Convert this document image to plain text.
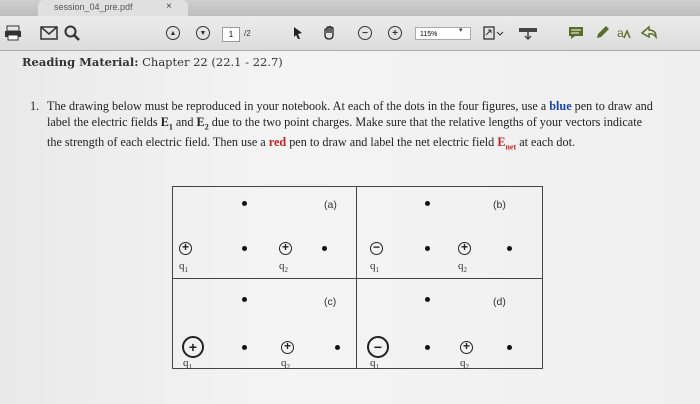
session_04_pre.pdf	×
▲	▼	1	/2	−	+	115%
▾	a
Reading Material: Chapter 22 (22.1 - 22.7)
1. The drawing below must be reproduced in your notebook. At each of the dots in the four figures, use a blue pen to draw and label the electric fields $E_1$ and $E_2$ due to the two point charges. Make sure that the relative lengths of your vectors indicate the strength of each electric field. Then use a red pen to draw and label the net electric field $E_{net}$ at each dot.
(a)
+	+
$q_1$	$q_2$
(b)
−	+
$q_1$	$q_2$
(c)
+	+
$q_1$	$q_2$
(d)
−	+
$q_1$	$q_2$
